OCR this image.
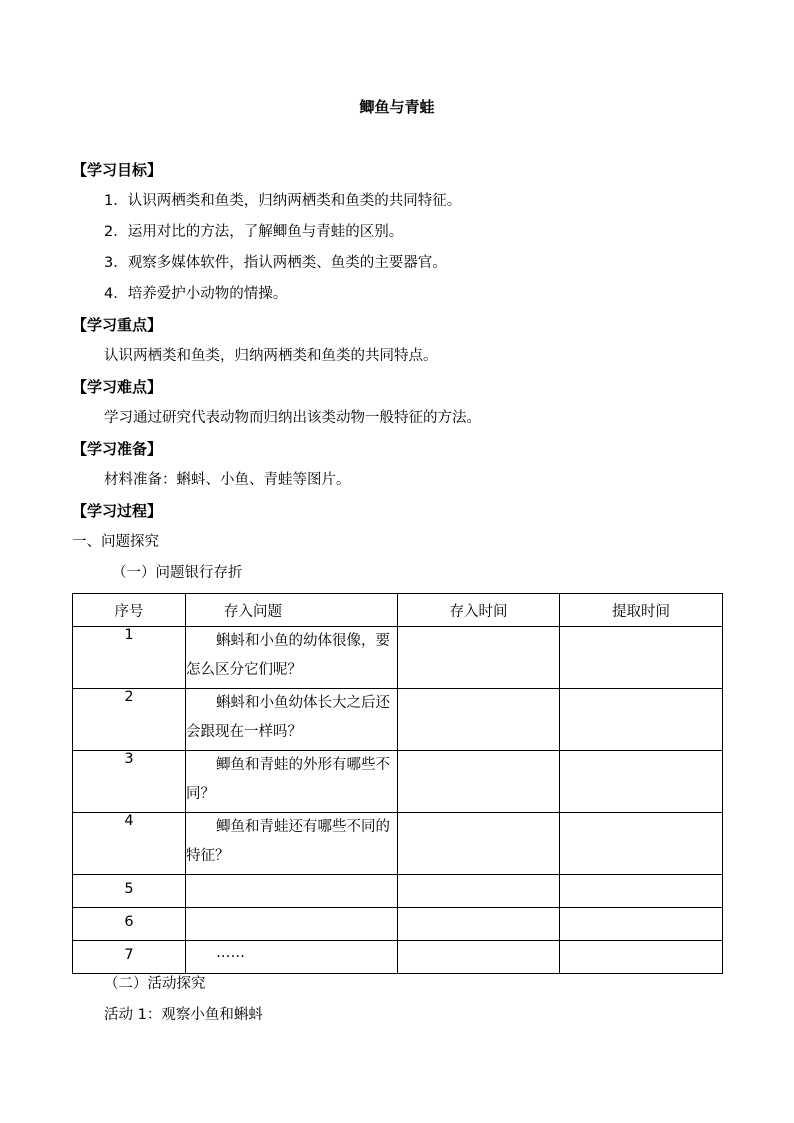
鲫鱼与青蛙
【学习目标】
1．认识两栖类和鱼类，归纳两栖类和鱼类的共同特征。
2．运用对比的方法，了解鲫鱼与青蛙的区别。
3．观察多媒体软件，指认两栖类、鱼类的主要器官。
4．培养爱护小动物的情操。
【学习重点】
认识两栖类和鱼类，归纳两栖类和鱼类的共同特点。
【学习难点】
学习通过研究代表动物而归纳出该类动物一般特征的方法。
【学习准备】
材料准备：蝌蚪、小鱼、青蛙等图片。
【学习过程】
一、问题探究
（一）问题银行存折
序号	存入问题	存入时间	提取时间
1	蝌蚪和小鱼的幼体很像，要怎么区分它们呢？		
2	蝌蚪和小鱼幼体长大之后还会跟现在一样吗？		
3	鲫鱼和青蛙的外形有哪些不同？		
4	鲫鱼和青蛙还有哪些不同的特征？		
5			
6			
7	……		
（二）活动探究
活动 1：观察小鱼和蝌蚪
